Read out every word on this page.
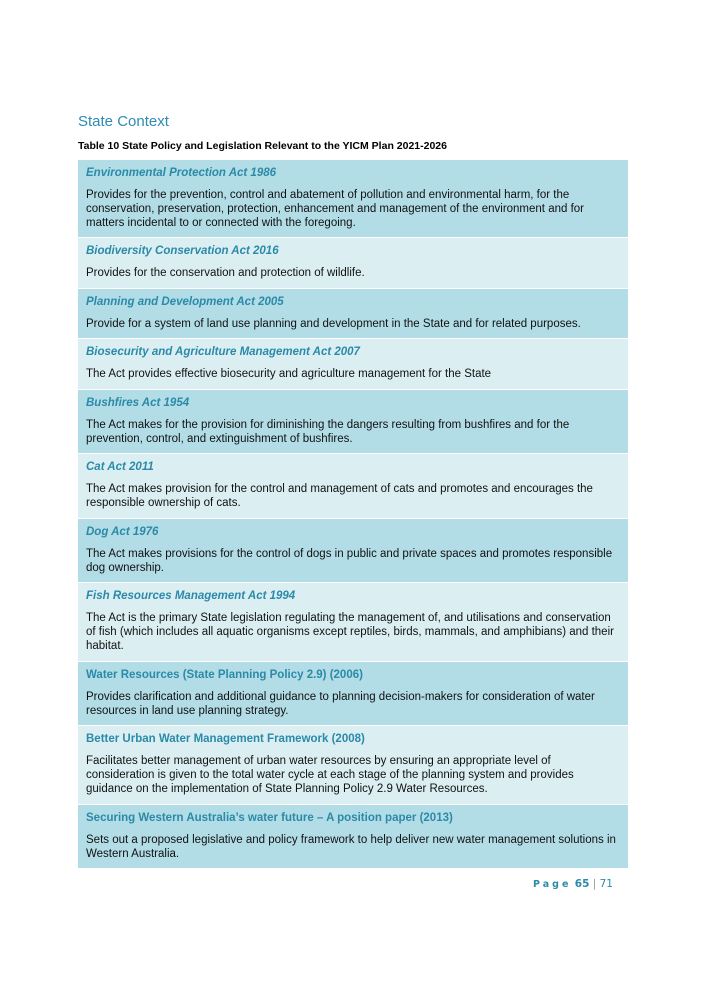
State Context

Table 10 State Policy and Legislation Relevant to the YICM Plan 2021-2026

Environmental Protection Act 1986

Provides for the prevention, control and abatement of pollution and environmental harm, for the conservation, preservation, protection, enhancement and management of the environment and for matters incidental to or connected with the foregoing.

Biodiversity Conservation Act 2016

Provides for the conservation and protection of wildlife.

Planning and Development Act 2005

Provide for a system of land use planning and development in the State and for related purposes.

Biosecurity and Agriculture Management Act 2007

The Act provides effective biosecurity and agriculture management for the State

Bushfires Act 1954

The Act makes for the provision for diminishing the dangers resulting from bushfires and for the prevention, control, and extinguishment of bushfires.

Cat Act 2011

The Act makes provision for the control and management of cats and promotes and encourages the responsible ownership of cats.

Dog Act 1976

The Act makes provisions for the control of dogs in public and private spaces and promotes responsible dog ownership.

Fish Resources Management Act 1994

The Act is the primary State legislation regulating the management of, and utilisations and conservation of fish (which includes all aquatic organisms except reptiles, birds, mammals, and amphibians) and their habitat.

Water Resources (State Planning Policy 2.9) (2006)

Provides clarification and additional guidance to planning decision-makers for consideration of water resources in land use planning strategy.

Better Urban Water Management Framework (2008)

Facilitates better management of urban water resources by ensuring an appropriate level of consideration is given to the total water cycle at each stage of the planning system and provides guidance on the implementation of State Planning Policy 2.9 Water Resources.

Securing Western Australia’s water future – A position paper (2013)

Sets out a proposed legislative and policy framework to help deliver new water management solutions in Western Australia.

Page 65 | 71
